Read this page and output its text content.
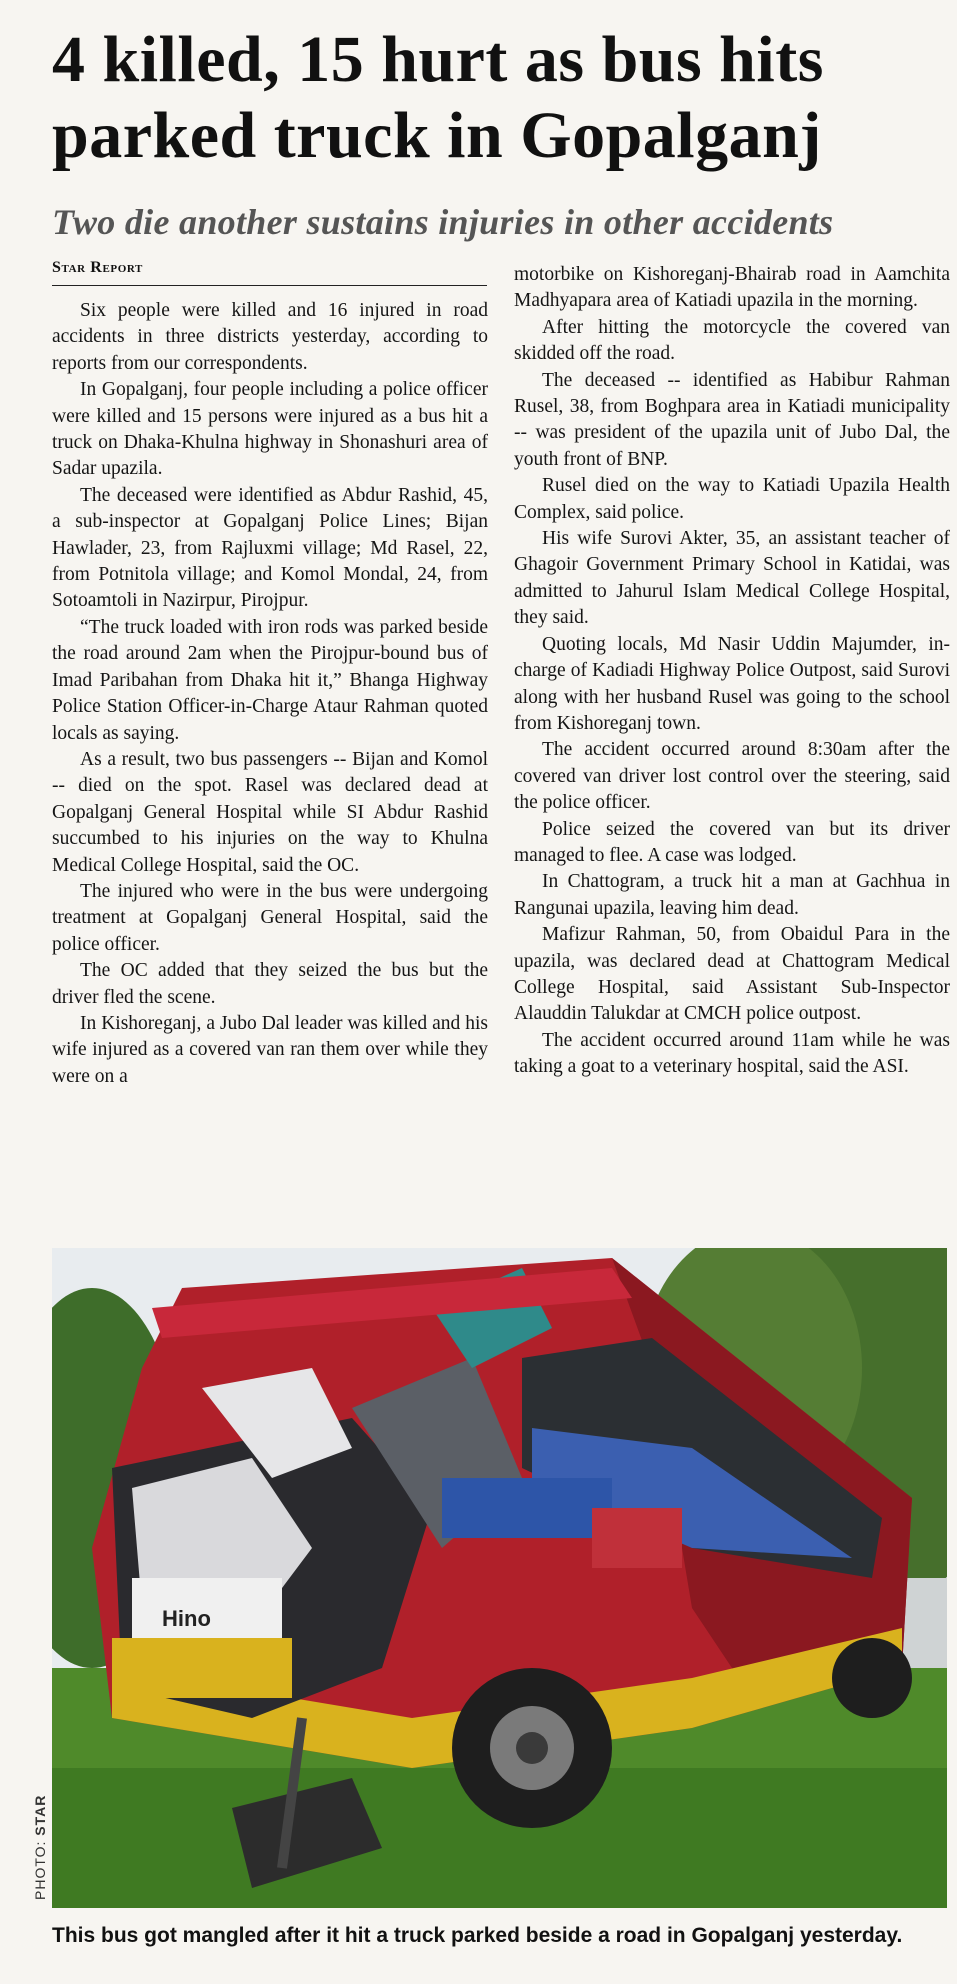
4 killed, 15 hurt as bus hits parked truck in Gopalganj
Two die another sustains injuries in other accidents
Star Report

Six people were killed and 16 injured in road accidents in three districts yesterday, according to reports from our correspondents.

In Gopalganj, four people including a police officer were killed and 15 persons were injured as a bus hit a truck on Dhaka-Khulna highway in Shonashuri area of Sadar upazila.

The deceased were identified as Abdur Rashid, 45, a sub-inspector at Gopalganj Police Lines; Bijan Hawlader, 23, from Rajluxmi village; Md Rasel, 22, from Potnitola village; and Komol Mondal, 24, from Sotoamtoli in Nazirpur, Pirojpur.

“The truck loaded with iron rods was parked beside the road around 2am when the Pirojpur-bound bus of Imad Paribahan from Dhaka hit it,” Bhanga Highway Police Station Officer-in-Charge Ataur Rahman quoted locals as saying.

As a result, two bus passengers -- Bijan and Komol -- died on the spot. Rasel was declared dead at Gopalganj General Hospital while SI Abdur Rashid succumbed to his injuries on the way to Khulna Medical College Hospital, said the OC.

The injured who were in the bus were undergoing treatment at Gopalganj General Hospital, said the police officer.

The OC added that they seized the bus but the driver fled the scene.

In Kishoreganj, a Jubo Dal leader was killed and his wife injured as a covered van ran them over while they were on a

motorbike on Kishoreganj-Bhairab road in Aamchita Madhyapara area of Katiadi upazila in the morning.

After hitting the motorcycle the covered van skidded off the road.

The deceased -- identified as Habibur Rahman Rusel, 38, from Boghpara area in Katiadi municipality -- was president of the upazila unit of Jubo Dal, the youth front of BNP.

Rusel died on the way to Katiadi Upazila Health Complex, said police.

His wife Surovi Akter, 35, an assistant teacher of Ghagoir Government Primary School in Katidai, was admitted to Jahurul Islam Medical College Hospital, they said.

Quoting locals, Md Nasir Uddin Majumder, in-charge of Kadiadi Highway Police Outpost, said Surovi along with her husband Rusel was going to the school from Kishoreganj town.

The accident occurred around 8:30am after the covered van driver lost control over the steering, said the police officer.

Police seized the covered van but its driver managed to flee. A case was lodged.

In Chattogram, a truck hit a man at Gachhua in Rangunai upazila, leaving him dead.

Mafizur Rahman, 50, from Obaidul Para in the upazila, was declared dead at Chattogram Medical College Hospital, said Assistant Sub-Inspector Alauddin Talukdar at CMCH police outpost.

The accident occurred around 11am while he was taking a goat to a veterinary hospital, said the ASI.

Hino
PHOTO: STAR
This bus got mangled after it hit a truck parked beside a road in Gopalganj yesterday.
